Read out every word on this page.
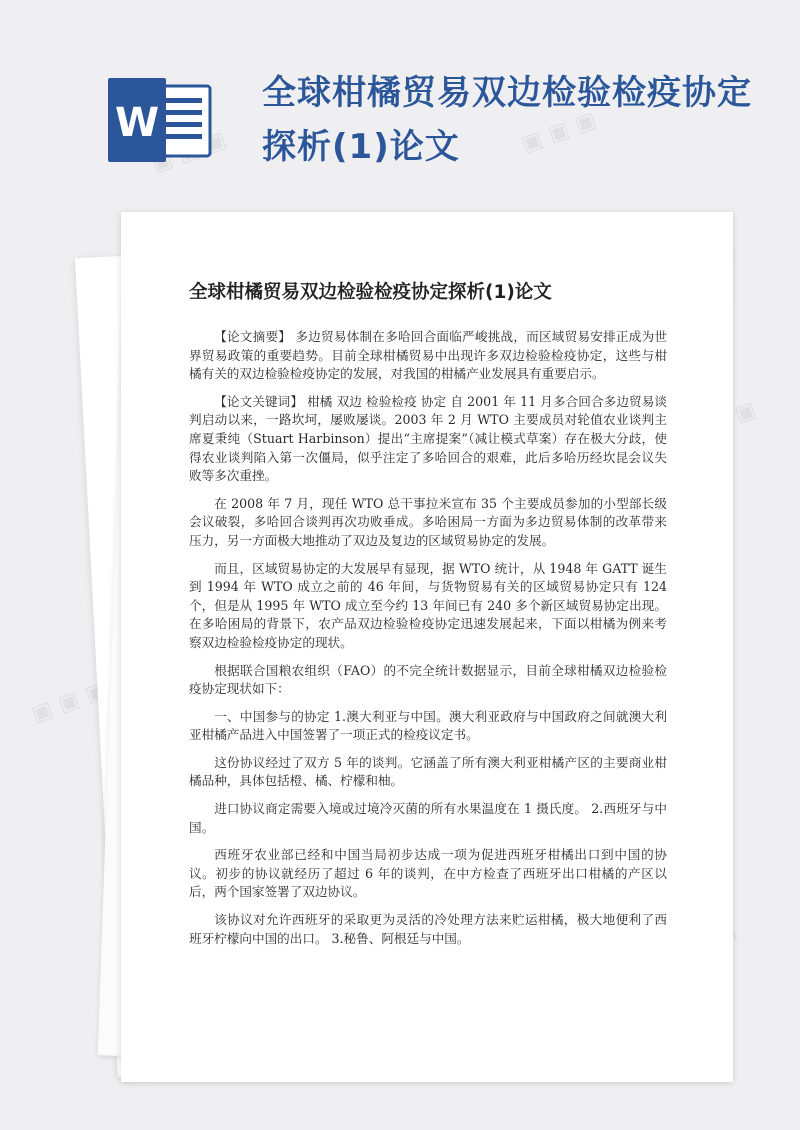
▣ ▣	▣ ▣ ▣
▣
▣ ▣ ▣
W
全球柑橘贸易双边检验检疫协定探析(1)论文
全球柑橘贸易双边检验检疫协定探析(1)论文

【论文摘要】 多边贸易体制在多哈回合面临严峻挑战，而区域贸易安排正成为世界贸易政策的重要趋势。目前全球柑橘贸易中出现许多双边检验检疫协定，这些与柑橘有关的双边检验检疫协定的发展，对我国的柑橘产业发展具有重要启示。

【论文关键词】 柑橘 双边 检验检疫 协定 自 2001 年 11 月多合回合多边贸易谈判启动以来，一路坎坷，屡败屡谈。2003 年 2 月 WTO 主要成员对轮值农业谈判主席夏秉纯（Stuart Harbinson）提出“主席提案”（减让模式草案）存在极大分歧，使得农业谈判陷入第一次僵局，似乎注定了多哈回合的艰难，此后多哈历经坎昆会议失败等多次重挫。

在 2008 年 7 月，现任 WTO 总干事拉米宣布 35 个主要成员参加的小型部长级会议破裂，多哈回合谈判再次功败垂成。多哈困局一方面为多边贸易体制的改革带来压力，另一方面极大地推动了双边及复边的区域贸易协定的发展。

而且，区域贸易协定的大发展早有显现，据 WTO 统计，从 1948 年 GATT 诞生到 1994 年 WTO 成立之前的 46 年间，与货物贸易有关的区域贸易协定只有 124 个，但是从 1995 年 WTO 成立至今约 13 年间已有 240 多个新区域贸易协定出现。 在多哈困局的背景下，农产品双边检验检疫协定迅速发展起来，下面以柑橘为例来考察双边检验检疫协定的现状。

根据联合国粮农组织（FAO）的不完全统计数据显示，目前全球柑橘双边检验检疫协定现状如下：

一、中国参与的协定 1.澳大利亚与中国。澳大利亚政府与中国政府之间就澳大利亚柑橘产品进入中国签署了一项正式的检疫议定书。

这份协议经过了双方 5 年的谈判。它涵盖了所有澳大利亚柑橘产区的主要商业柑橘品种，具体包括橙、橘、柠檬和柚。

进口协议商定需要入境或过境冷灭菌的所有水果温度在 1 摄氏度。 2.西班牙与中国。

西班牙农业部已经和中国当局初步达成一项为促进西班牙柑橘出口到中国的协议。初步的协议就经历了超过 6 年的谈判，在中方检查了西班牙出口柑橘的产区以后，两个国家签署了双边协议。

该协议对允许西班牙的采取更为灵活的冷处理方法来贮运柑橘，极大地便利了西班牙柠檬向中国的出口。 3.秘鲁、阿根廷与中国。
